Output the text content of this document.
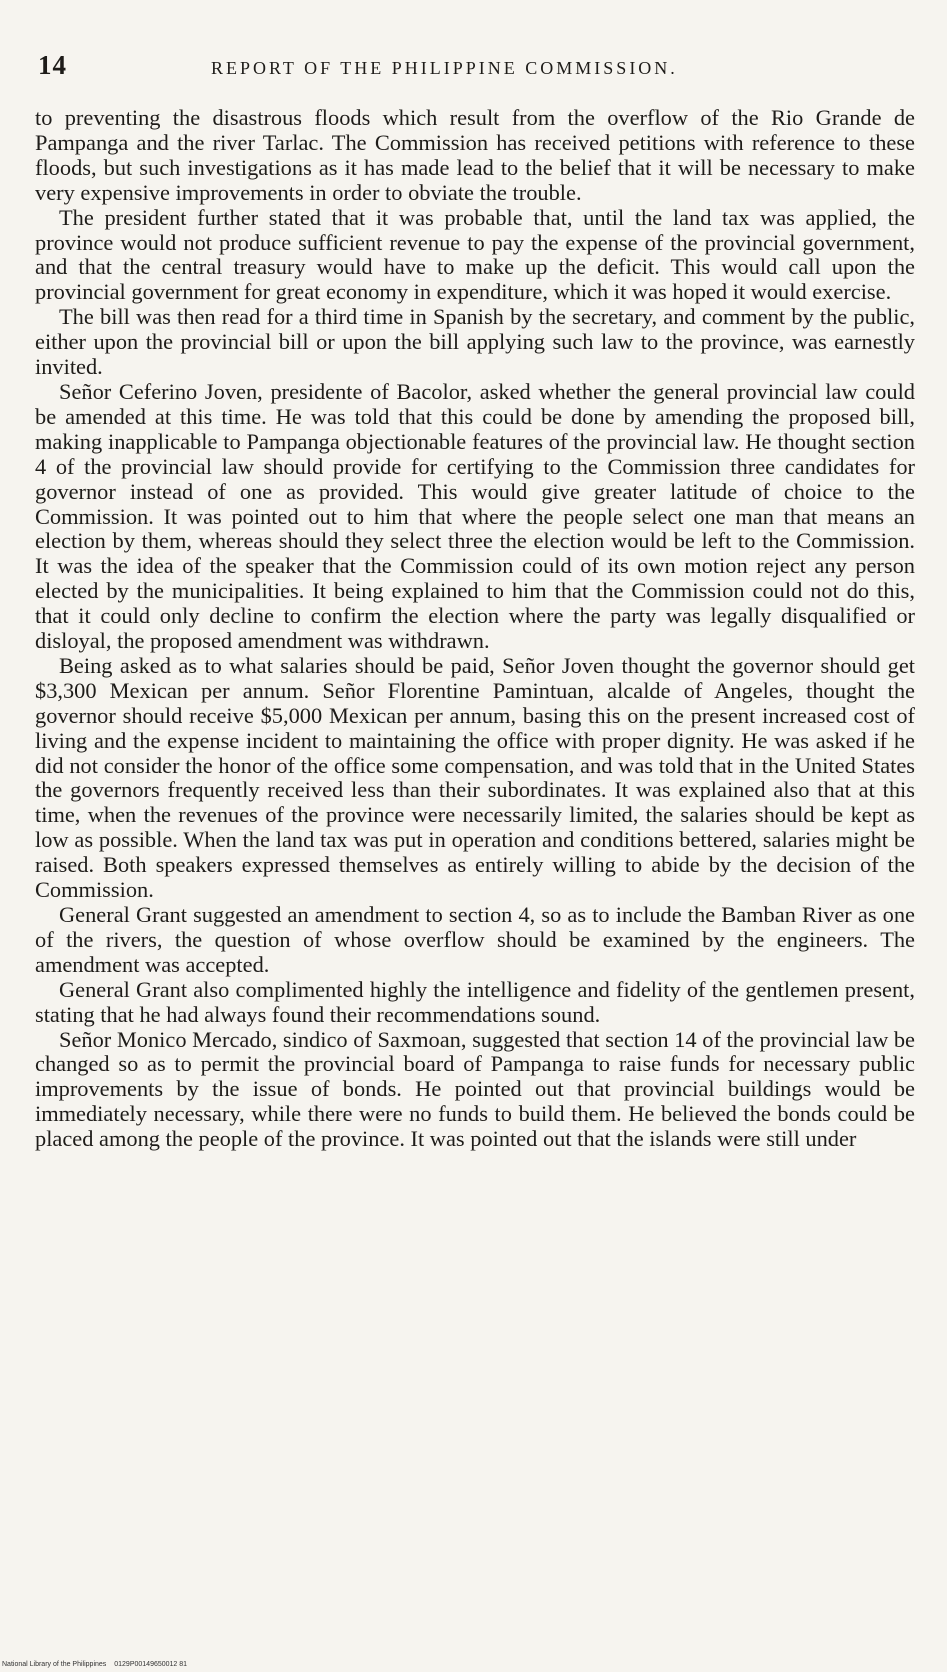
14	REPORT OF THE PHILIPPINE COMMISSION.

to preventing the disastrous floods which result from the overflow of the Rio Grande de Pampanga and the river Tarlac. The Commission has received petitions with reference to these floods, but such investigations as it has made lead to the belief that it will be necessary to make very expensive improvements in order to obviate the trouble.

The president further stated that it was probable that, until the land tax was applied, the province would not produce sufficient revenue to pay the expense of the provincial government, and that the central treasury would have to make up the deficit. This would call upon the provincial government for great economy in expenditure, which it was hoped it would exercise.

The bill was then read for a third time in Spanish by the secretary, and comment by the public, either upon the provincial bill or upon the bill applying such law to the province, was earnestly invited.

Señor Ceferino Joven, presidente of Bacolor, asked whether the general provincial law could be amended at this time. He was told that this could be done by amending the proposed bill, making inapplicable to Pampanga objectionable features of the provincial law. He thought section 4 of the provincial law should provide for certifying to the Commission three candidates for governor instead of one as provided. This would give greater latitude of choice to the Commission. It was pointed out to him that where the people select one man that means an election by them, whereas should they select three the election would be left to the Commission. It was the idea of the speaker that the Commission could of its own motion reject any person elected by the municipalities. It being explained to him that the Commission could not do this, that it could only decline to confirm the election where the party was legally disqualified or disloyal, the proposed amendment was withdrawn.

Being asked as to what salaries should be paid, Señor Joven thought the governor should get $3,300 Mexican per annum. Señor Florentine Pamintuan, alcalde of Angeles, thought the governor should receive $5,000 Mexican per annum, basing this on the present increased cost of living and the expense incident to maintaining the office with proper dignity. He was asked if he did not consider the honor of the office some compensation, and was told that in the United States the governors frequently received less than their subordinates. It was explained also that at this time, when the revenues of the province were necessarily limited, the salaries should be kept as low as possible. When the land tax was put in operation and conditions bettered, salaries might be raised. Both speakers expressed themselves as entirely willing to abide by the decision of the Commission.

General Grant suggested an amendment to section 4, so as to include the Bamban River as one of the rivers, the question of whose overflow should be examined by the engineers. The amendment was accepted.

General Grant also complimented highly the intelligence and fidelity of the gentlemen present, stating that he had always found their recommendations sound.

Señor Monico Mercado, sindico of Saxmoan, suggested that section 14 of the provincial law be changed so as to permit the provincial board of Pampanga to raise funds for necessary public improvements by the issue of bonds. He pointed out that provincial buildings would be immediately necessary, while there were no funds to build them. He believed the bonds could be placed among the people of the province. It was pointed out that the islands were still under

National Library of the Philippines 0129P00149650012 81
